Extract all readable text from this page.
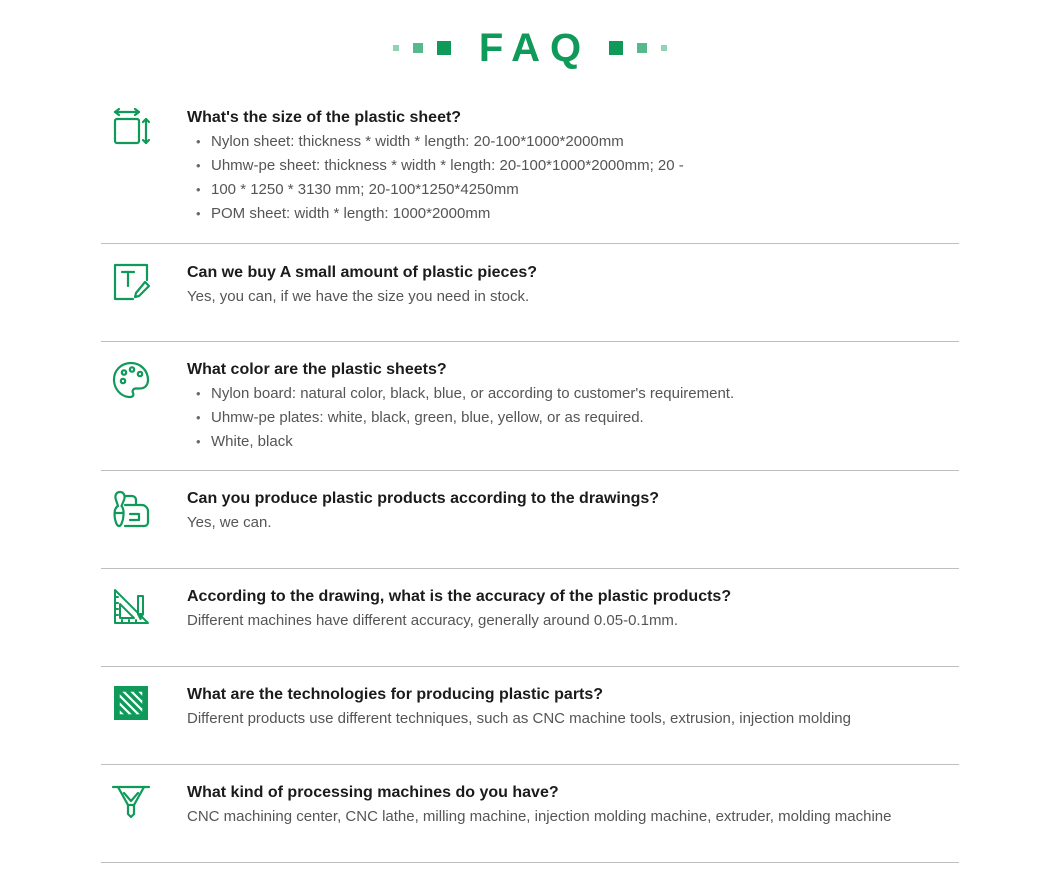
FAQ

What's the size of the plastic sheet?

• Nylon sheet: thickness * width * length: 20-100*1000*2000mm
• Uhmw-pe sheet: thickness * width * length: 20-100*1000*2000mm; 20 -
• 100 * 1250 * 3130 mm; 20-100*1250*4250mm
• POM sheet: width * length: 1000*2000mm

Can we buy A small amount of plastic pieces?

Yes, you can, if we have the size you need in stock.

What color are the plastic sheets?

• Nylon board: natural color, black, blue, or according to customer's requirement.
• Uhmw-pe plates: white, black, green, blue, yellow, or as required.
• White, black

Can you produce plastic products according to the drawings?

Yes, we can.

According to the drawing, what is the accuracy of the plastic products?

Different machines have different accuracy, generally around 0.05-0.1mm.

What are the technologies for producing plastic parts?

Different products use different techniques, such as CNC machine tools, extrusion, injection molding

What kind of processing machines do you have?

CNC machining center, CNC lathe, milling machine, injection molding machine, extruder, molding machine
